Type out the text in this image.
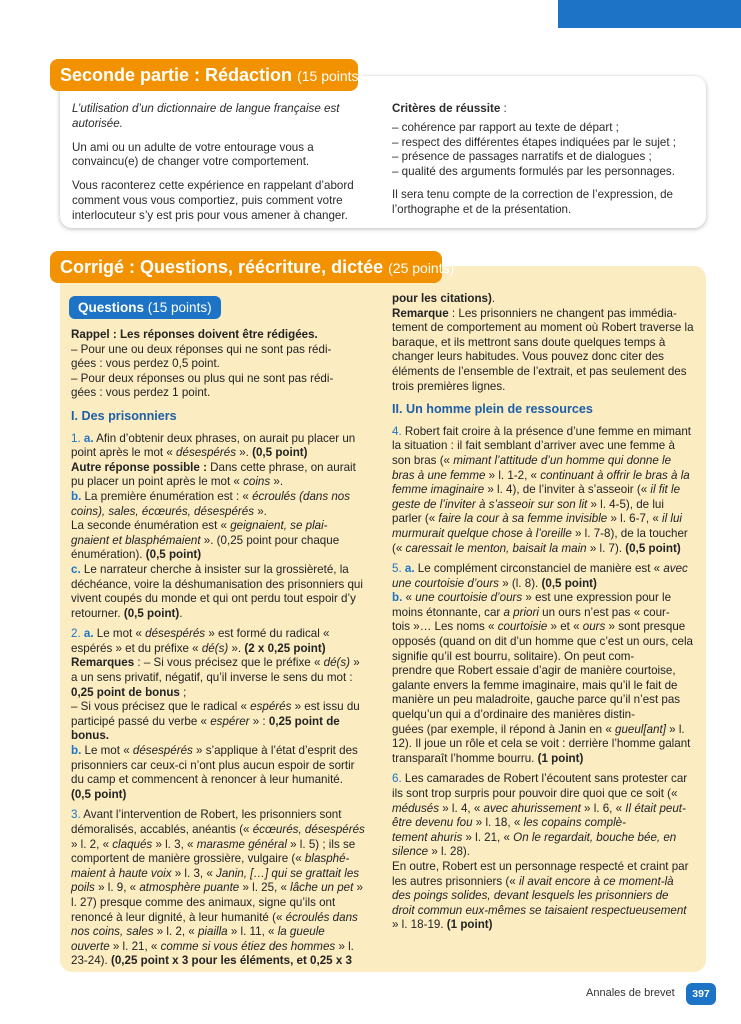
L’utilisation d’un dictionnaire de langue française est autorisée.

Un ami ou un adulte de votre entourage vous a convaincu(e) de changer votre comportement.

Vous raconterez cette expérience en rappelant d’abord comment vous vous comportiez, puis comment votre interlocuteur s’y est pris pour vous amener à changer.

Critères de réussite :

– cohérence par rapport au texte de départ ;

– respect des différentes étapes indiquées par le sujet ;

– présence de passages narratifs et de dialogues ;

– qualité des arguments formulés par les personnages.

Il sera tenu compte de la correction de l’expression, de l’orthographe et de la présentation.

Seconde partie : Rédaction (15 points)
Corrigé : Questions, réécriture, dictée (25 points)
Questions (15 points)

Rappel : Les réponses doivent être rédigées.

– Pour une ou deux réponses qui ne sont pas rédi-
gées : vous perdez 0,5 point.

– Pour deux réponses ou plus qui ne sont pas rédi-
gées : vous perdez 1 point.

I. Des prisonniers

1. a. Afin d’obtenir deux phrases, on aurait pu placer un point après le mot « désespérés ». (0,5 point)
Autre réponse possible : Dans cette phrase, on aurait pu placer un point après le mot « coins ».
b. La première énumération est : « écroulés (dans nos coins), sales, écœurés, désespérés ».
La seconde énumération est « geignaient, se plai-
gnaient et blasphémaient ». (0,25 point pour chaque énumération). (0,5 point)
c. Le narrateur cherche à insister sur la grossièreté, la déchéance, voire la déshumanisation des prisonniers qui vivent coupés du monde et qui ont perdu tout espoir d’y retourner. (0,5 point).

2. a. Le mot « désespérés » est formé du radical « espérés » et du préfixe « dé(s) ». (2 x 0,25 point)
Remarques : – Si vous précisez que le préfixe « dé(s) » a un sens privatif, négatif, qu’il inverse le sens du mot : 0,25 point de bonus ;
– Si vous précisez que le radical « espérés » est issu du participé passé du verbe « espérer » : 0,25 point de bonus.
b. Le mot « désespérés » s’applique à l’état d’esprit des prisonniers car ceux-ci n’ont plus aucun espoir de sortir du camp et commencent à renoncer à leur humanité. (0,5 point)

3. Avant l’intervention de Robert, les prisonniers sont démoralisés, accablés, anéantis (« écœurés, désespérés » l. 2, « claqués » l. 3, « marasme général » l. 5) ; ils se comportent de manière grossière, vulgaire (« blasphé-
maient à haute voix » l. 3, « Janin, […] qui se grattait les poils » l. 9, « atmosphère puante » l. 25, « lâche un pet » l. 27) presque comme des animaux, signe qu’ils ont renoncé à leur dignité, à leur humanité (« écroulés dans nos coins, sales » l. 2, « piailla » l. 11, « la gueule ouverte » l. 21, « comme si vous étiez des hommes » l. 23-24). (0,25 point x 3 pour les éléments, et 0,25 x 3

pour les citations).
Remarque : Les prisonniers ne changent pas immédia-
tement de comportement au moment où Robert traverse la baraque, et ils mettront sans doute quelques temps à changer leurs habitudes. Vous pouvez donc citer des éléments de l’ensemble de l’extrait, et pas seulement des trois premières lignes.

II. Un homme plein de ressources

4. Robert fait croire à la présence d’une femme en mimant la situation : il fait semblant d’arriver avec une femme à son bras (« mimant l’attitude d’un homme qui donne le bras à une femme » l. 1-2, « continuant à offrir le bras à la femme imaginaire » l. 4), de l’inviter à s’asseoir (« il fit le geste de l’inviter à s’asseoir sur son lit » l. 4-5), de lui parler (« faire la cour à sa femme invisible » l. 6-7, « il lui murmurait quelque chose à l’oreille » l. 7-8), de la toucher (« caressait le menton, baisait la main » l. 7). (0,5 point)

5. a. Le complément circonstanciel de manière est « avec une courtoisie d’ours » (l. 8). (0,5 point)
b. « une courtoisie d’ours » est une expression pour le moins étonnante, car a priori un ours n’est pas « cour-
tois »… Les noms « courtoisie » et « ours » sont presque opposés (quand on dit d’un homme que c’est un ours, cela signifie qu’il est bourru, solitaire). On peut com-
prendre que Robert essaie d’agir de manière courtoise, galante envers la femme imaginaire, mais qu’il le fait de manière un peu maladroite, gauche parce qu’il n’est pas quelqu’un qui a d’ordinaire des manières distin-
guées (par exemple, il répond à Janin en « gueul[ant] » l. 12). Il joue un rôle et cela se voit : derrière l’homme galant transparaît l’homme bourru. (1 point)

6. Les camarades de Robert l’écoutent sans protester car ils sont trop surpris pour pouvoir dire quoi que ce soit (« médusés » l. 4, « avec ahurissement » l. 6, « Il était peut-être devenu fou » l. 18, « les copains complè-
tement ahuris » l. 21, « On le regardait, bouche bée, en silence » l. 28).
En outre, Robert est un personnage respecté et craint par les autres prisonniers (« il avait encore à ce moment-là des poings solides, devant lesquels les prisonniers de droit commun eux-mêmes se taisaient respectueusement » l. 18-19. (1 point)

Annales de brevet	397
